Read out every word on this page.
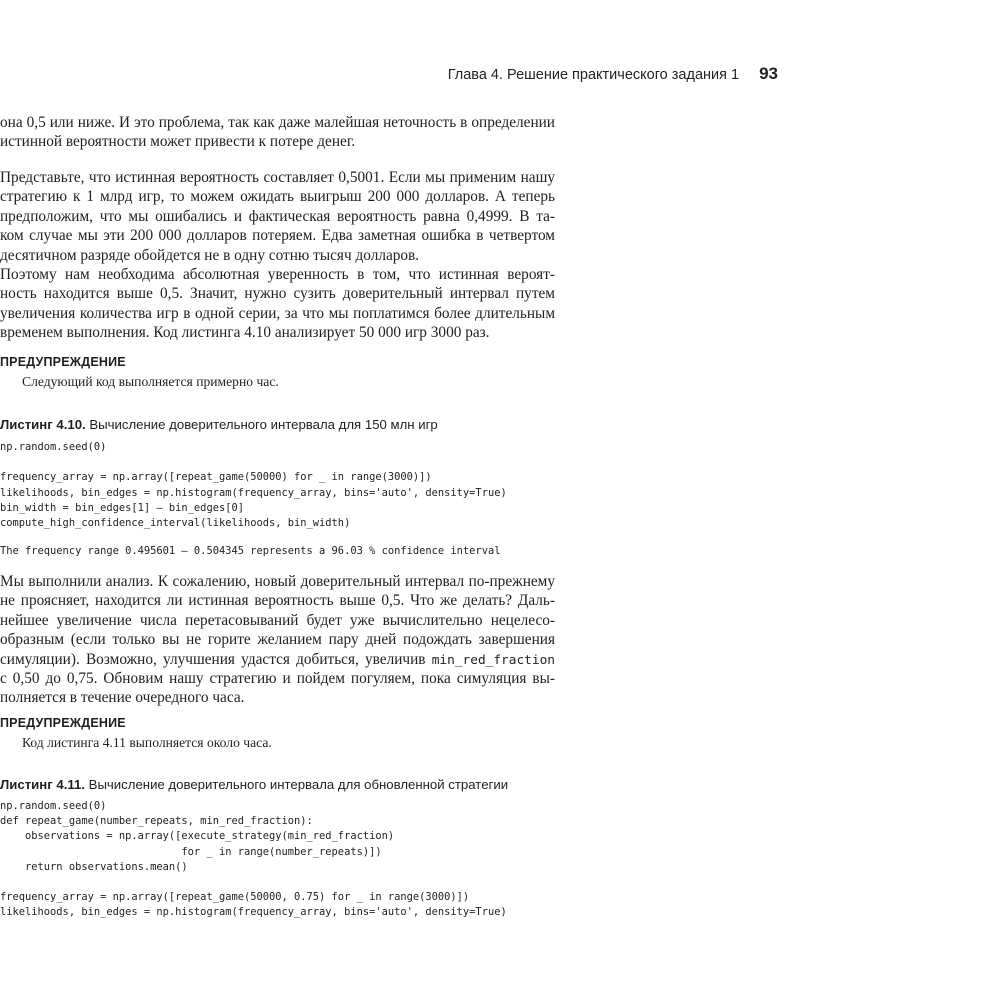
Глава 4. Решение практического задания 1 93

она 0,5 или ниже. И это проблема, так как даже малейшая неточность в определении
истинной вероятности может привести к потере денег.

Представьте, что истинная вероятность составляет 0,5001. Если мы применим нашу
стратегию к 1 млрд игр, то можем ожидать выигрыш 200 000 долларов. А теперь
предположим, что мы ошибались и фактическая вероятность равна 0,4999. В та-
ком случае мы эти 200 000 долларов потеряем. Едва заметная ошибка в четвертом
десятичном разряде обойдется не в одну сотню тысяч долларов.

Поэтому нам необходима абсолютная уверенность в том, что истинная вероят-
ность находится выше 0,5. Значит, нужно сузить доверительный интервал путем
увеличения количества игр в одной серии, за что мы поплатимся более длительным
временем выполнения. Код листинга 4.10 анализирует 50 000 игр 3000 раз.

ПРЕДУПРЕЖДЕНИЕ

Следующий код выполняется примерно час.

Листинг 4.10. Вычисление доверительного интервала для 150 млн игр

np.random.seed(0)

frequency_array = np.array([repeat_game(50000) for _ in range(3000)])
likelihoods, bin_edges = np.histogram(frequency_array, bins='auto', density=True)
bin_width = bin_edges[1] – bin_edges[0]
compute_high_confidence_interval(likelihoods, bin_width)
The frequency range 0.495601 – 0.504345 represents a 96.03 % confidence interval

Мы выполнили анализ. К сожалению, новый доверительный интервал по-прежнему
не проясняет, находится ли истинная вероятность выше 0,5. Что же делать? Даль-
нейшее увеличение числа перетасовываний будет уже вычислительно нецелесо-
образным (если только вы не горите желанием пару дней подождать завершения
симуляции). Возможно, улучшения удастся добиться, увеличив min_red_fraction
с 0,50 до 0,75. Обновим нашу стратегию и пойдем погуляем, пока симуляция вы-
полняется в течение очередного часа.

ПРЕДУПРЕЖДЕНИЕ

Код листинга 4.11 выполняется около часа.

Листинг 4.11. Вычисление доверительного интервала для обновленной стратегии

np.random.seed(0)
def repeat_game(number_repeats, min_red_fraction):
observations = np.array([execute_strategy(min_red_fraction)
for _ in range(number_repeats)])
return observations.mean()

frequency_array = np.array([repeat_game(50000, 0.75) for _ in range(3000)])
likelihoods, bin_edges = np.histogram(frequency_array, bins='auto', density=True)
